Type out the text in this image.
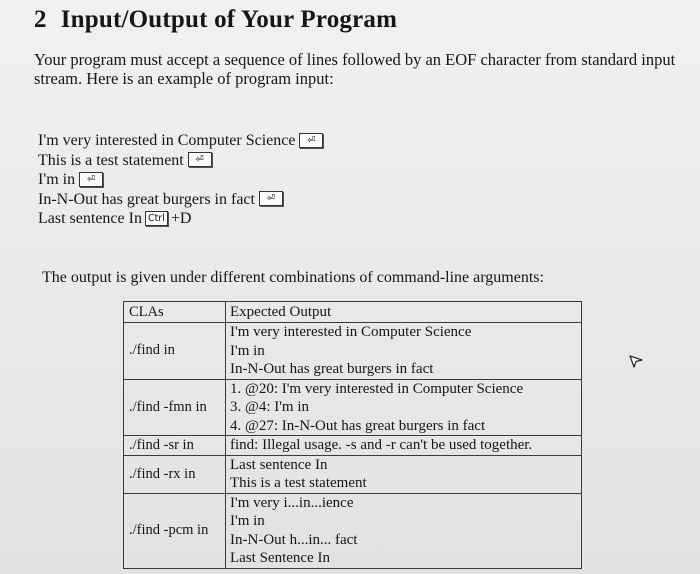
2 Input/Output of Your Program
Your program must accept a sequence of lines followed by an EOF character from standard input stream. Here is an example of program input:
I'm very interested in Computer Science ⏎
This is a test statement ⏎
I'm in ⏎
In-N-Out has great burgers in fact ⏎
Last sentence In Ctrl +D
The output is given under different combinations of command-line arguments:
CLAs	Expected Output
./find in	I'm very interested in Computer Science
I'm in
In-N-Out has great burgers in fact

./find -fmn in	1. @20: I'm very interested in Computer Science
3. @4: I'm in
4. @27: In-N-Out has great burgers in fact

./find -sr in	find: Illegal usage. -s and -r can't be used together.

./find -rx in	Last sentence In
This is a test statement

./find -pcm in	I'm very i...in...ience
I'm in
In-N-Out h...in... fact
Last Sentence In
